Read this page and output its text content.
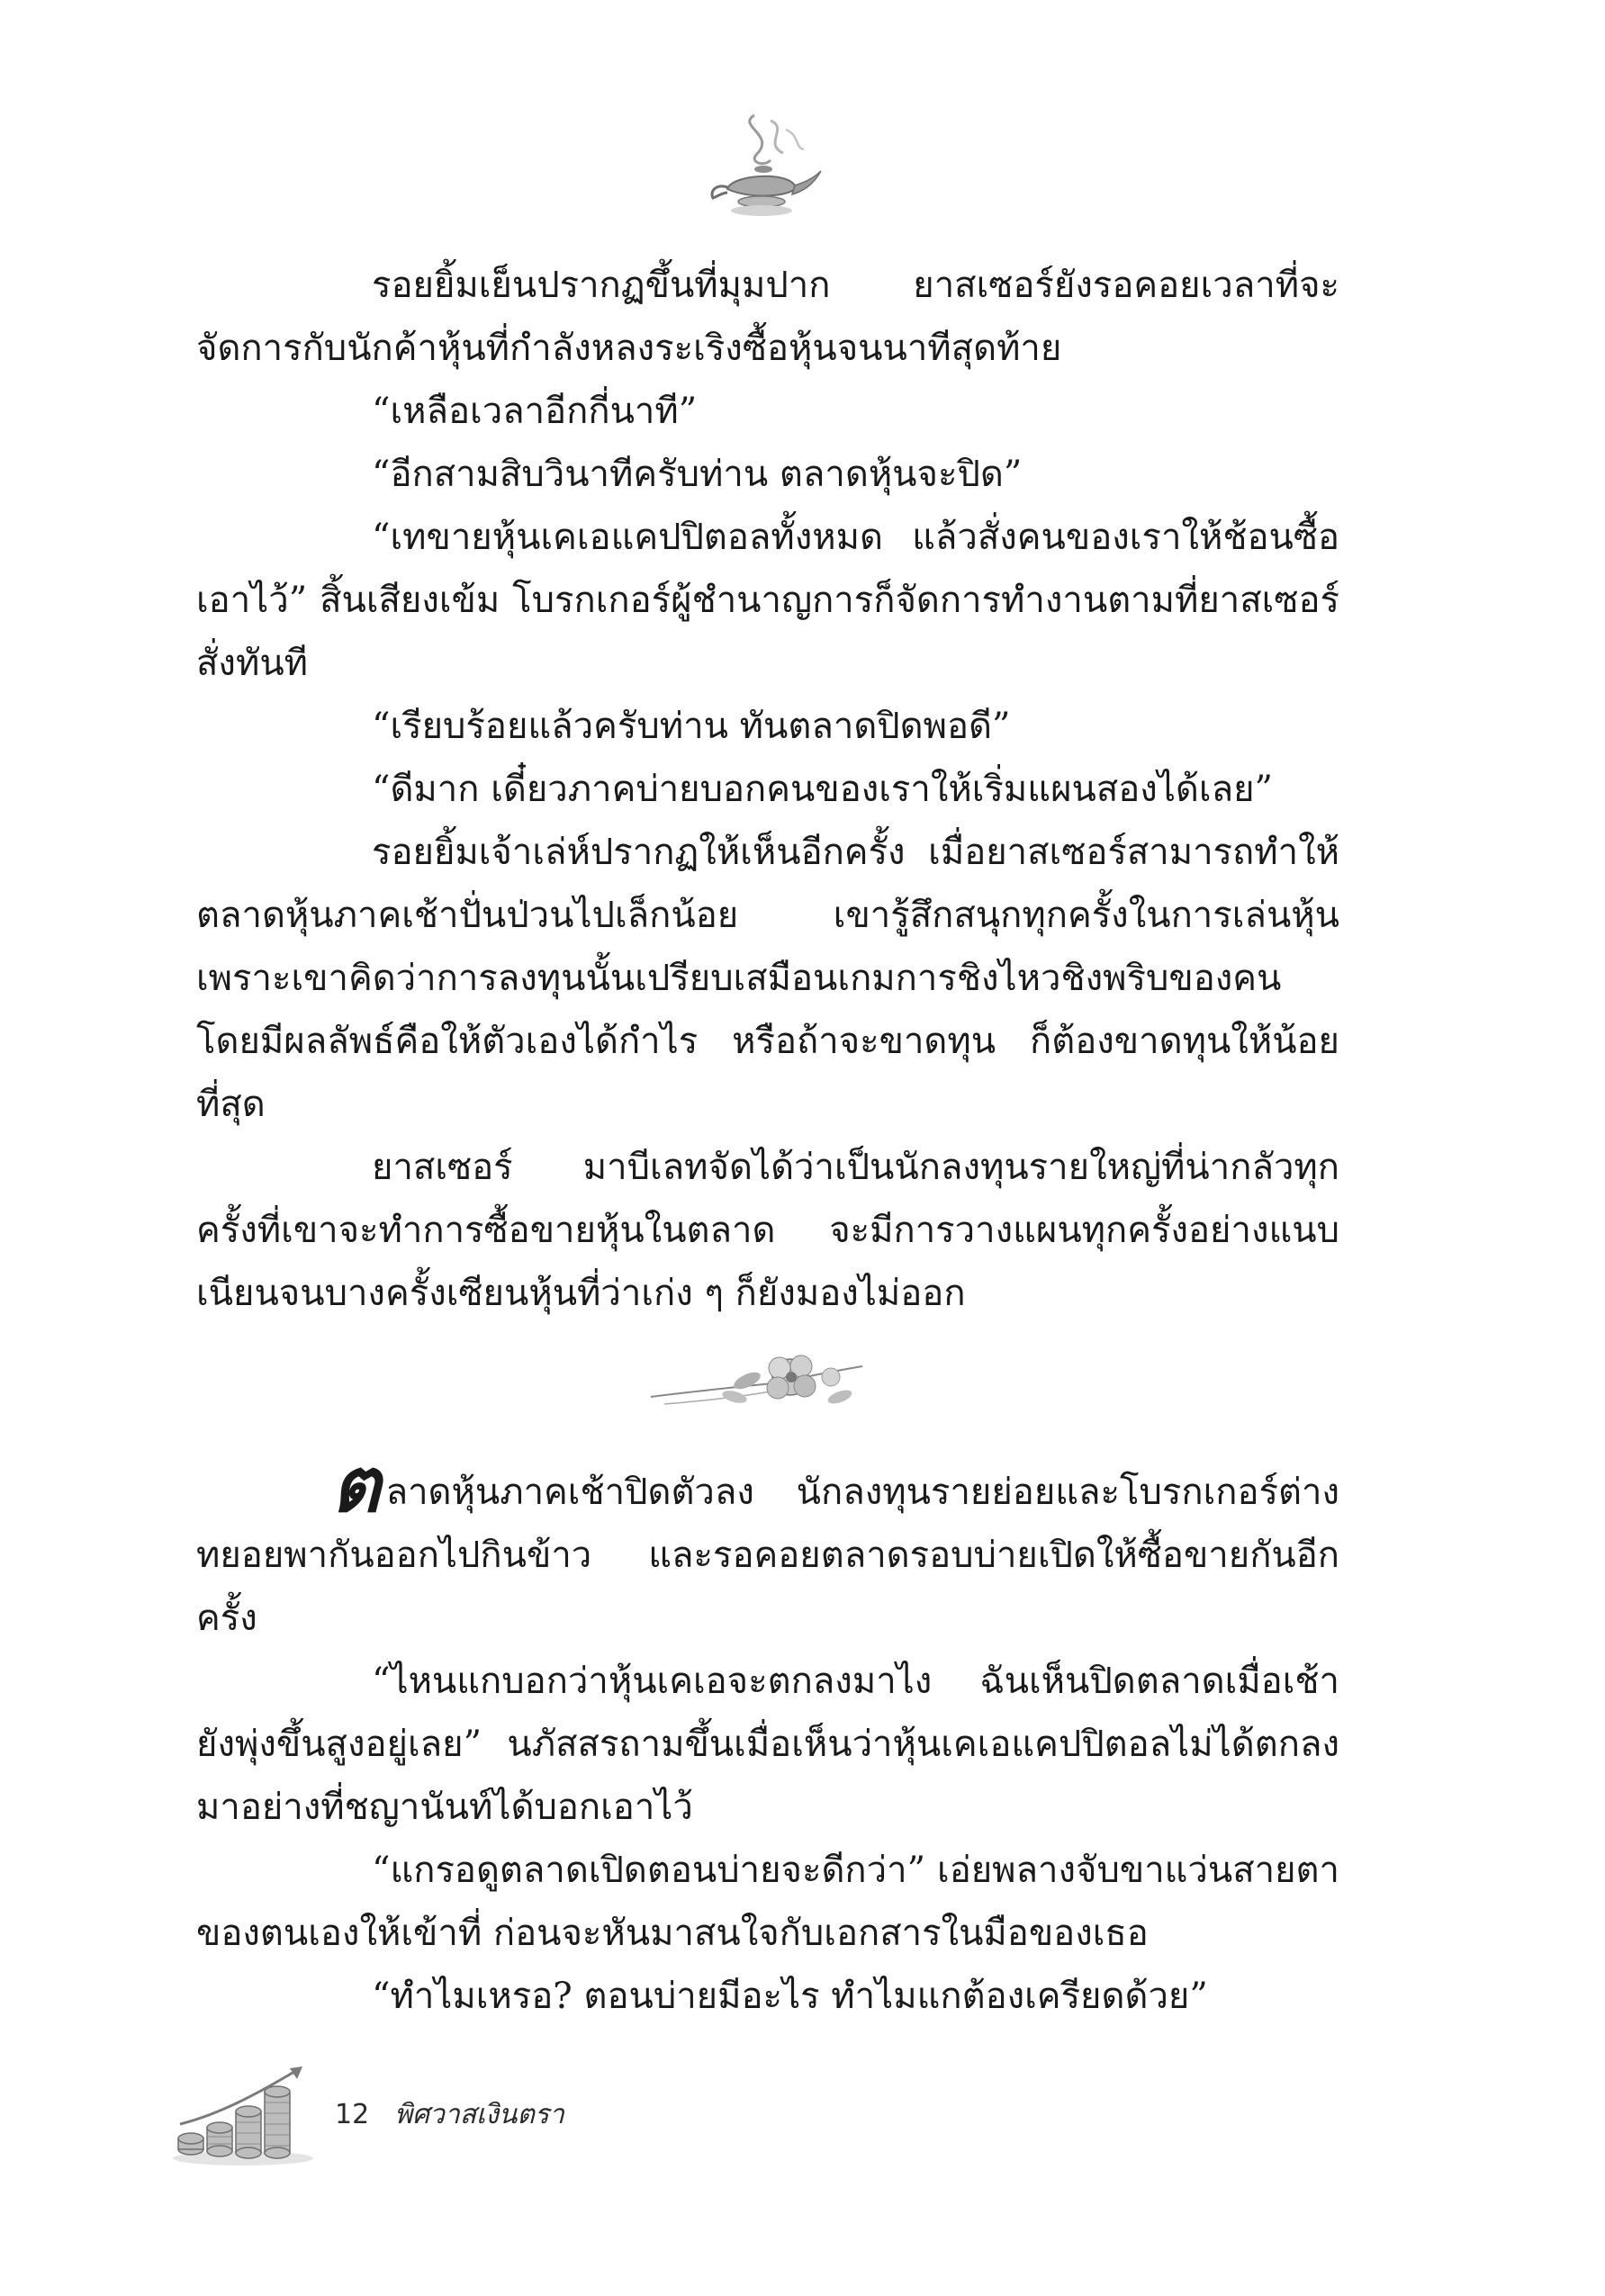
รอยยิ้มเย็นปรากฏขึ้นที่มุมปาก ยาสเซอร์ยังรอคอยเวลาที่จะจัดการกับนักค้าหุ้นที่กำลังหลงระเริงซื้อหุ้นจนนาทีสุดท้าย

“เหลือเวลาอีกกี่นาที”

“อีกสามสิบวินาทีครับท่าน ตลาดหุ้นจะปิด”

“เทขายหุ้นเคเอแคปปิตอลทั้งหมด แล้วสั่งคนของเราให้ช้อนซื้อเอาไว้” สิ้นเสียงเข้ม โบรกเกอร์ผู้ชำนาญการก็จัดการทำงานตามที่ยาสเซอร์สั่งทันที

“เรียบร้อยแล้วครับท่าน ทันตลาดปิดพอดี”

“ดีมาก เดี๋ยวภาคบ่ายบอกคนของเราให้เริ่มแผนสองได้เลย”

รอยยิ้มเจ้าเล่ห์ปรากฏให้เห็นอีกครั้ง เมื่อยาสเซอร์สามารถทำให้ตลาดหุ้นภาคเช้าปั่นป่วนไปเล็กน้อย เขารู้สึกสนุกทุกครั้งในการเล่นหุ้น เพราะเขาคิดว่าการลงทุนนั้นเปรียบเสมือนเกมการชิงไหวชิงพริบของคน โดยมีผลลัพธ์คือให้ตัวเองได้กำไร หรือถ้าจะขาดทุน ก็ต้องขาดทุนให้น้อยที่สุด

ยาสเซอร์ มาบีเลทจัดได้ว่าเป็นนักลงทุนรายใหญ่ที่น่ากลัวทุกครั้งที่เขาจะทำการซื้อขายหุ้นในตลาด จะมีการวางแผนทุกครั้งอย่างแนบเนียนจนบางครั้งเซียนหุ้นที่ว่าเก่ง ๆ ก็ยังมองไม่ออก

ตลาดหุ้นภาคเช้าปิดตัวลง นักลงทุนรายย่อยและโบรกเกอร์ต่างทยอยพากันออกไปกินข้าว และรอคอยตลาดรอบบ่ายเปิดให้ซื้อขายกันอีกครั้ง

“ไหนแกบอกว่าหุ้นเคเอจะตกลงมาไง ฉันเห็นปิดตลาดเมื่อเช้ายังพุ่งขึ้นสูงอยู่เลย” นภัสสรถามขึ้นเมื่อเห็นว่าหุ้นเคเอแคปปิตอลไม่ได้ตกลงมาอย่างที่ชญานันท์ได้บอกเอาไว้

“แกรอดูตลาดเปิดตอนบ่ายจะดีกว่า” เอ่ยพลางจับขาแว่นสายตาของตนเองให้เข้าที่ ก่อนจะหันมาสนใจกับเอกสารในมือของเธอ

“ทำไมเหรอ? ตอนบ่ายมีอะไร ทำไมแกต้องเครียดด้วย”

12 พิศวาสเงินตรา
